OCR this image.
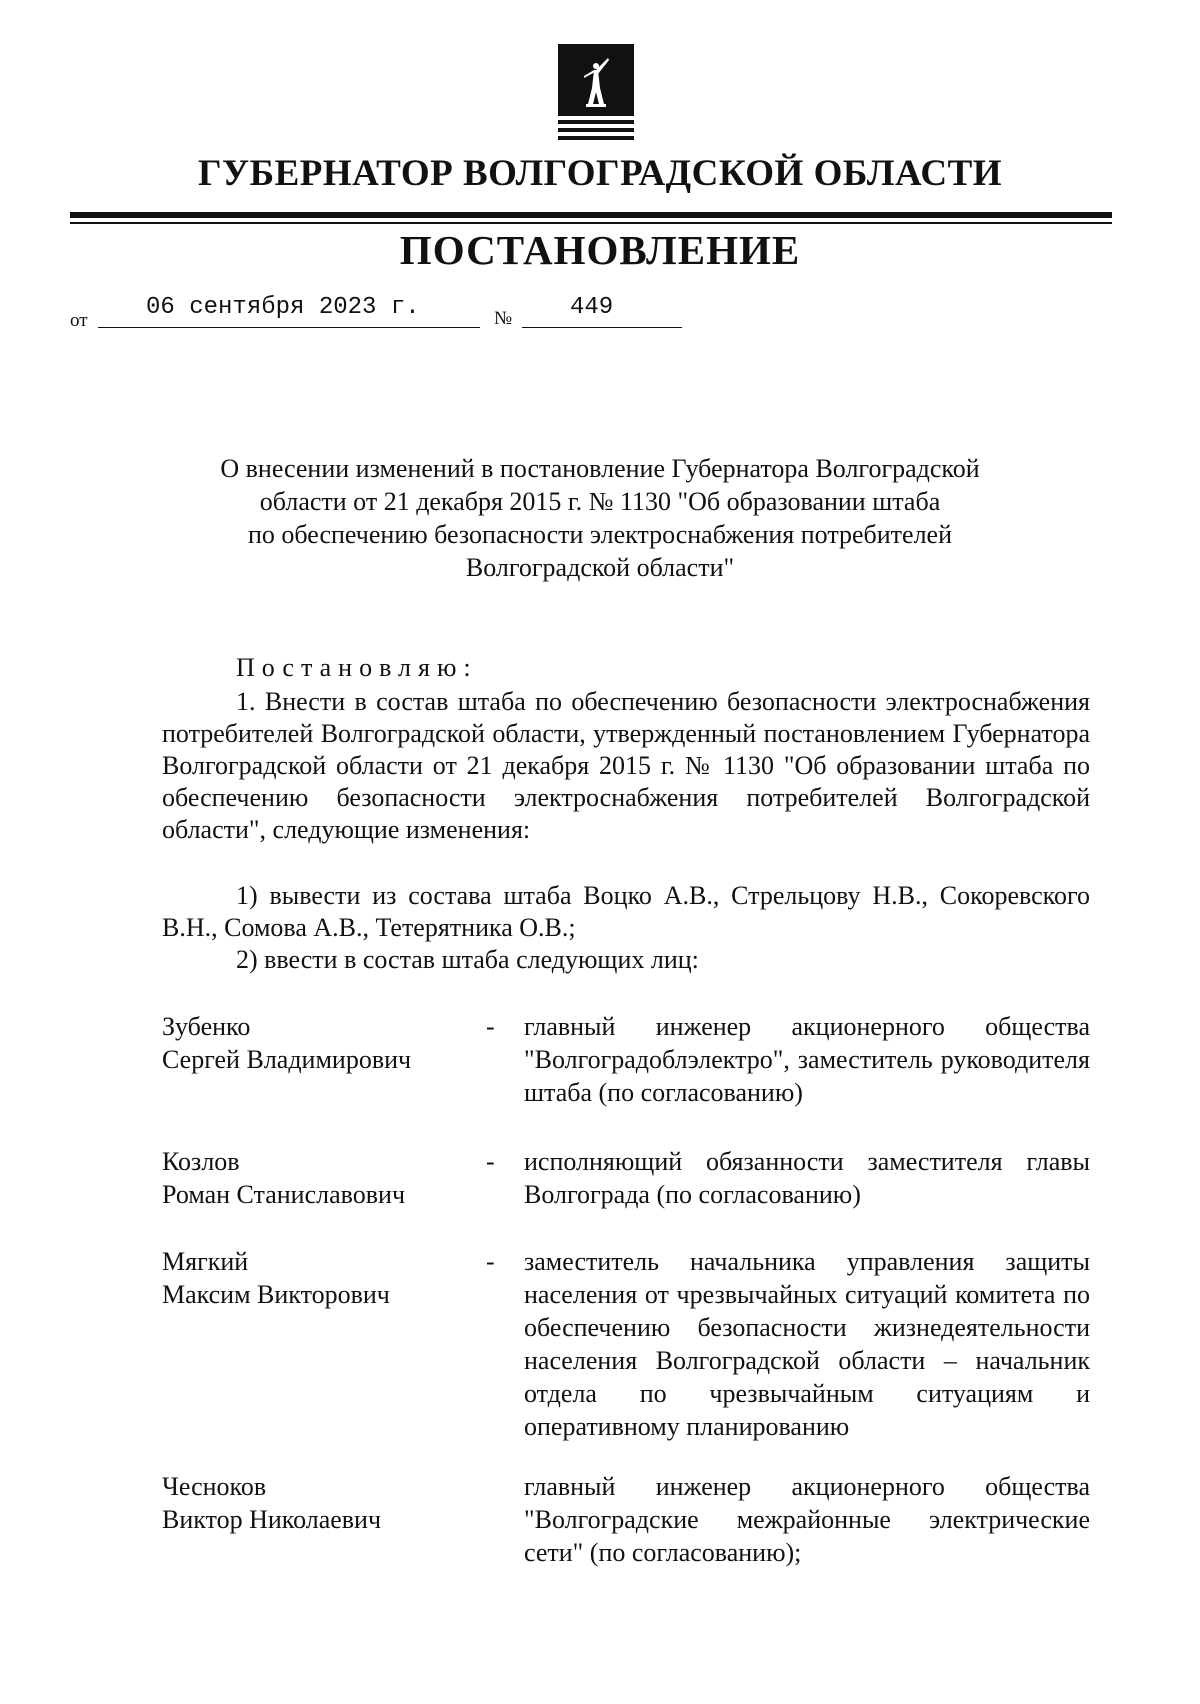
ГУБЕРНАТОР ВОЛГОГРАДСКОЙ ОБЛАСТИ
ПОСТАНОВЛЕНИЕ
от 06 сентября 2023 г.	№ 449
О внесении изменений в постановление Губернатора Волгоградской
области от 21 декабря 2015 г. № 1130 "Об образовании штаба
по обеспечению безопасности электроснабжения потребителей
Волгоградской области"
Постановляю:
1. Внести в состав штаба по обеспечению безопасности электроснабжения потребителей Волгоградской области, утвержденный постановлением Губернатора Волгоградской области от 21 декабря 2015 г. № 1130 "Об образовании штаба по обеспечению безопасности электроснабжения потребителей Волгоградской области", следующие изменения:
1) вывести из состава штаба Воцко А.В., Стрельцову Н.В., Сокоревского В.Н., Сомова А.В., Тетерятника О.В.;
2) ввести в состав штаба следующих лиц:
Зубенко
Сергей Владимирович
- главный инженер акционерного общества "Волгоградоблэлектро", заместитель руководителя штаба (по согласованию)
Козлов
Роман Станиславович
- исполняющий обязанности заместителя главы Волгограда (по согласованию)
Мягкий
Максим Викторович
- заместитель начальника управления защиты населения от чрезвычайных ситуаций комитета по обеспечению безопасности жизнедеятельности населения Волгоградской области – начальник отдела по чрезвычайным ситуациям и оперативному планированию
Чесноков
Виктор Николаевич
главный инженер акционерного общества "Волгоградские межрайонные электрические сети" (по согласованию);
